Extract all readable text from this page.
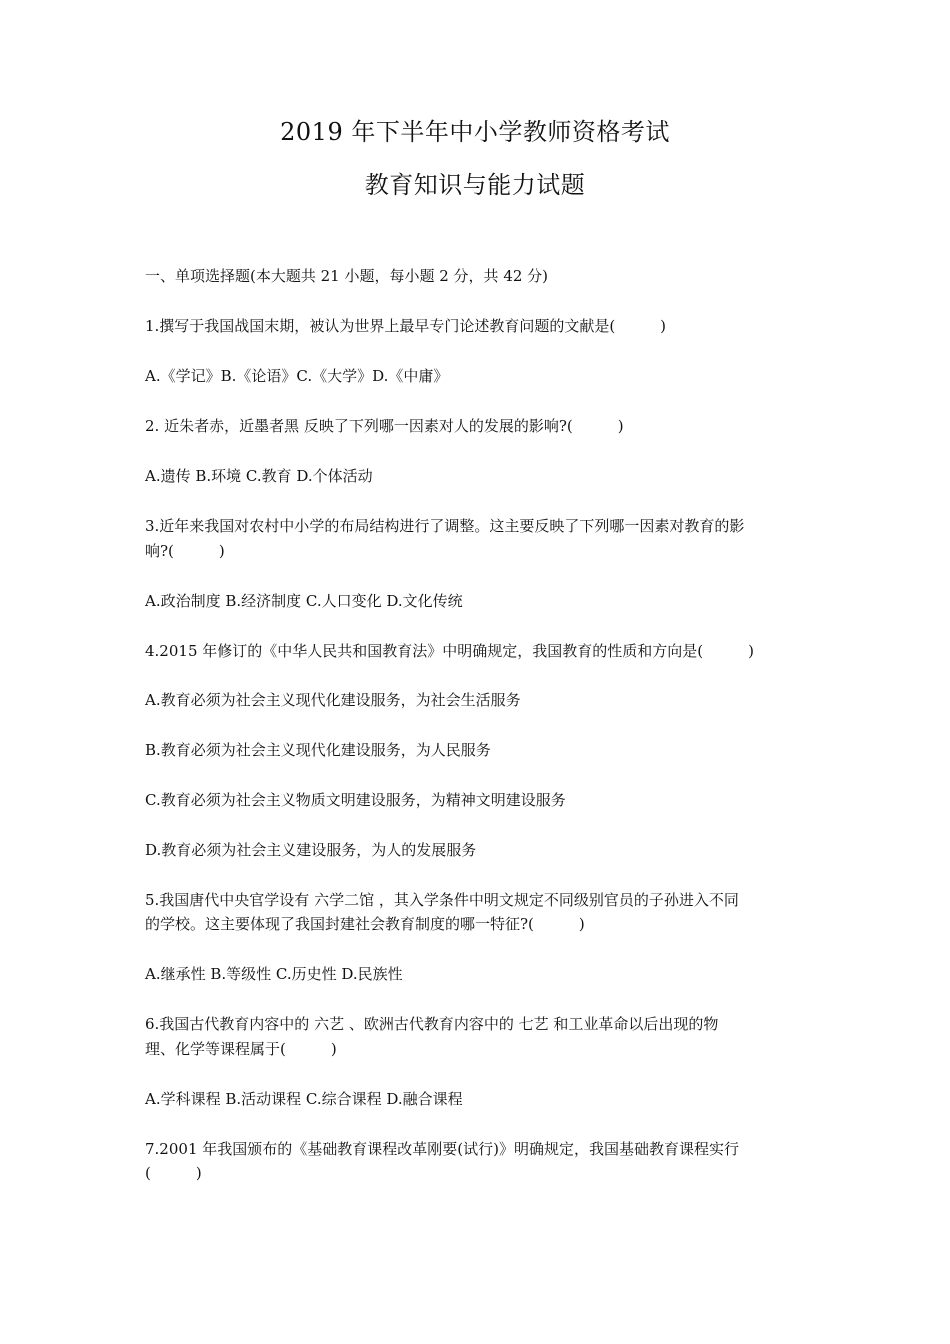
2019 年下半年中小学教师资格考试
教育知识与能力试题
一、单项选择题(本大题共 21 小题，每小题 2 分，共 42 分)
1.撰写于我国战国末期，被认为世界上最早专门论述教育问题的文献是(　　　)
A.《学记》B.《论语》C.《大学》D.《中庸》
2. 近朱者赤，近墨者黑 反映了下列哪一因素对人的发展的影响?(　　　)
A.遗传 B.环境 C.教育 D.个体活动
3.近年来我国对农村中小学的布局结构进行了调整。这主要反映了下列哪一因素对教育的影
响?(　　　)
A.政治制度 B.经济制度 C.人口变化 D.文化传统
4.2015 年修订的《中华人民共和国教育法》中明确规定，我国教育的性质和方向是(　　　)
A.教育必须为社会主义现代化建设服务，为社会生活服务
B.教育必须为社会主义现代化建设服务，为人民服务
C.教育必须为社会主义物质文明建设服务，为精神文明建设服务
D.教育必须为社会主义建设服务，为人的发展服务
5.我国唐代中央官学设有 六学二馆 ，其入学条件中明文规定不同级别官员的子孙进入不同
的学校。这主要体现了我国封建社会教育制度的哪一特征?(　　　)
A.继承性 B.等级性 C.历史性 D.民族性
6.我国古代教育内容中的 六艺 、欧洲古代教育内容中的 七艺 和工业革命以后出现的物
理、化学等课程属于(　　　)
A.学科课程 B.活动课程 C.综合课程 D.融合课程
7.2001 年我国颁布的《基础教育课程改革刚要(试行)》明确规定，我国基础教育课程实行
(　　　)
